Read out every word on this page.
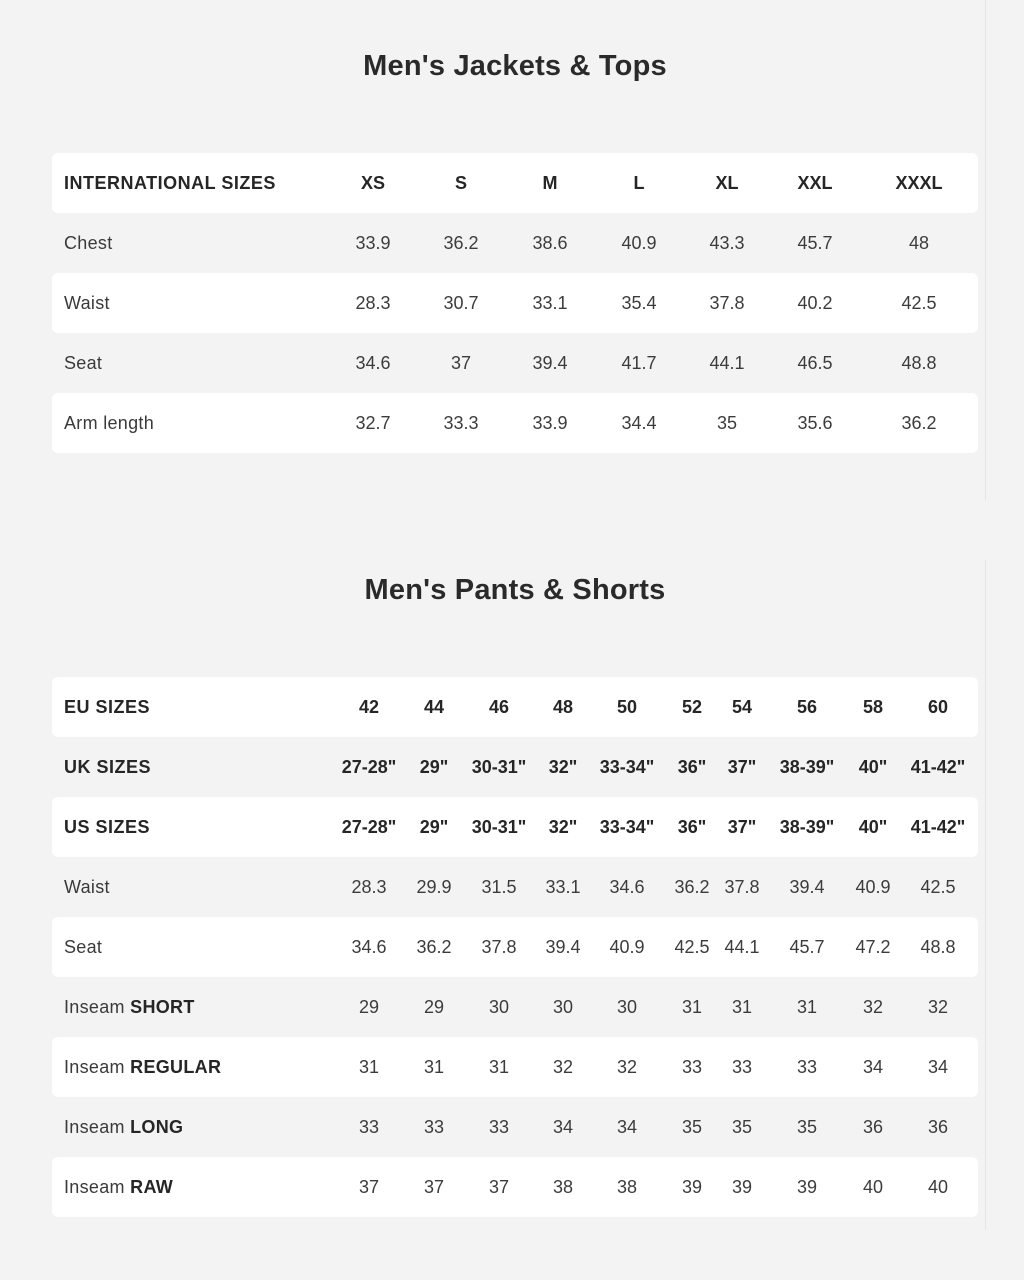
Men's Jackets & Tops
INTERNATIONAL SIZES	XS	S	M	L	XL	XXL	XXXL
Chest	33.9	36.2	38.6	40.9	43.3	45.7	48
Waist	28.3	30.7	33.1	35.4	37.8	40.2	42.5
Seat	34.6	37	39.4	41.7	44.1	46.5	48.8
Arm length	32.7	33.3	33.9	34.4	35	35.6	36.2
Men's Pants & Shorts
EU SIZES	42 44 46 48 50 52 54 56	58 60
UK SIZES	27-28" 29" 30-31" 32" 33-34" 36" 37" 38-39" 40" 41-42"
US SIZES	27-28" 29" 30-31" 32" 33-34" 36" 37" 38-39" 40" 41-42"
Waist	28.3 29.9 31.5 33.1 34.6 36.2 37.8 39.4 40.9 42.5
Seat	34.6 36.2 37.8 39.4 40.9 42.5 44.1 45.7 47.2 48.8
Inseam SHORT	29 29 30 30 30 31 31 31	32 32
Inseam REGULAR	31 31 31 32 32 33 33 33	34 34
Inseam LONG	33 33 33 34 34 35 35 35	36 36
Inseam RAW	37 37 37 38 38 39 39 39	40 40
